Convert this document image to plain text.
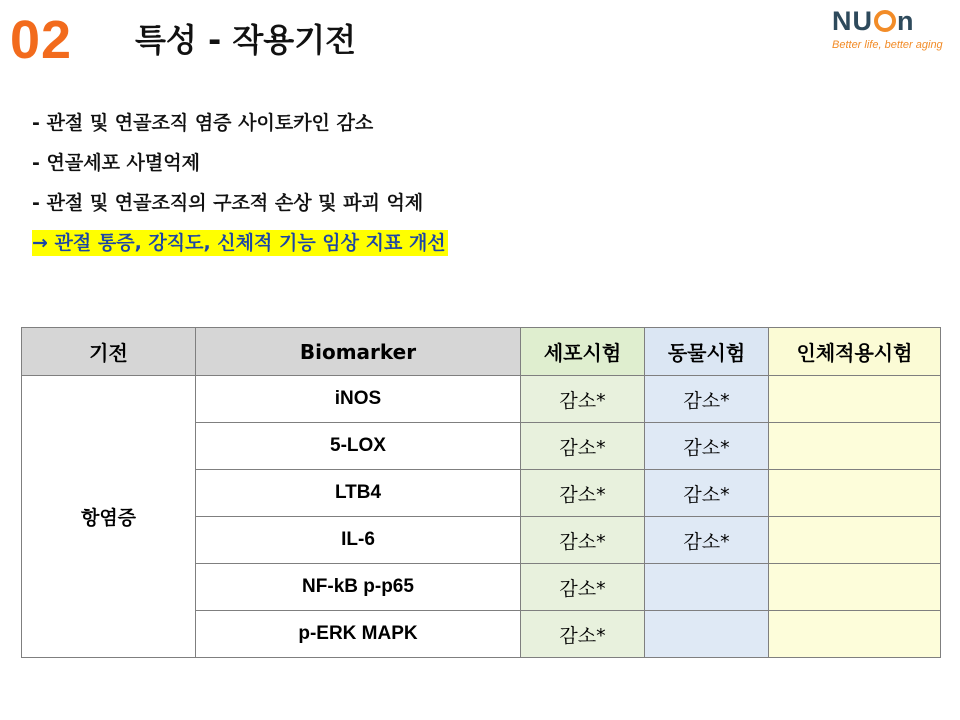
02 특성 - 작용기전	NU n
Better life, better aging
- 관절 및 연골조직 염증 사이토카인 감소
- 연골세포 사멸억제
- 관절 및 연골조직의 구조적 손상 및 파괴 억제
→ 관절 통증, 강직도, 신체적 기능 임상 지표 개선
기전	Biomarker	세포시험	동물시험	인체적용시험
항염증	iNOS	감소*	감소*	
	5-LOX	감소*	감소*	
	LTB4	감소*	감소*	
	IL-6	감소*	감소*	
	NF-kB p-p65	감소*		
	p-ERK MAPK	감소*		
